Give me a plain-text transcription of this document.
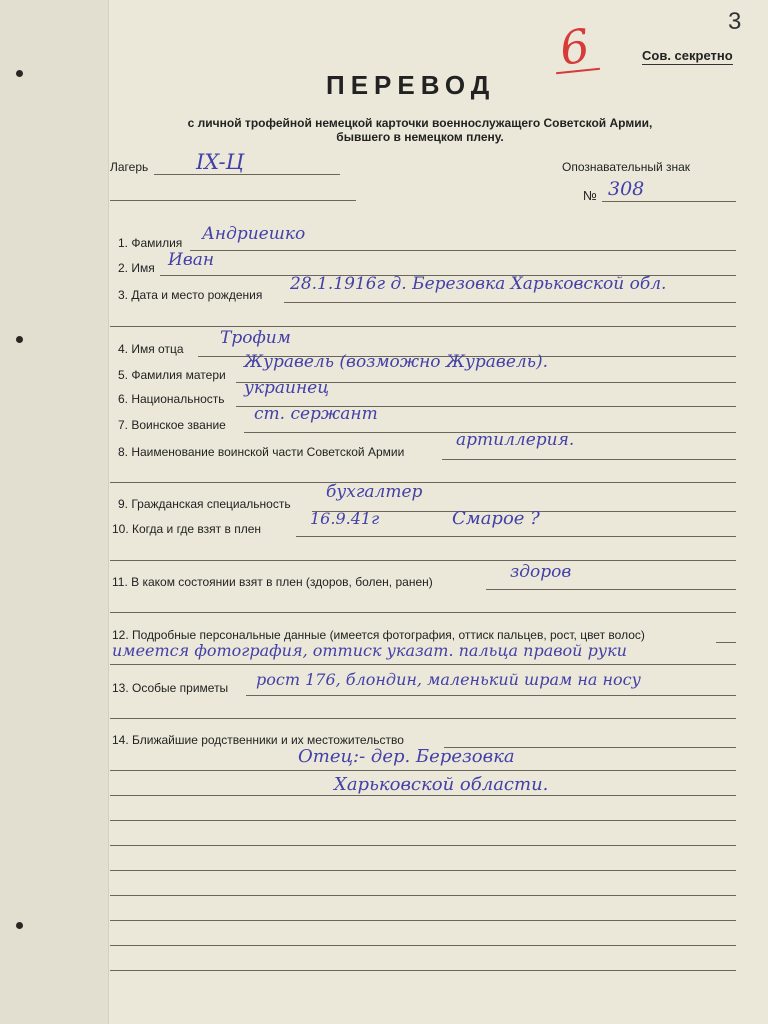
3
6	Сов. секретно
ПЕРЕВОД
с личной трофейной немецкой карточки военнослужащего Советской Армии,
бывшего в немецком плену.
Лагерь IX-Ц	Опознавательный знак
№ 308
1. Фамилия Андриешко
2. Имя Иван
3. Дата и место рождения
28.1.1916г д. Березовка Харьковской обл.
4. Имя отца
Трофим
5. Фамилия матери
Журавель (возможно Журавель).
6. Национальность
украинец
7. Воинское звание
ст. сержант
8. Наименование воинской части Советской Армии
артиллерия.
9. Гражданская специальность
бухгалтер
10. Когда и где взят в плен
16.9.41г	Смарое ?
11. В каком состоянии взят в плен (здоров, болен, ранен)	здоров
12. Подробные персональные данные (имеется фотография, оттиск пальцев, рост, цвет волос)
имеется фотография, оттиск указат. пальца правой руки
13. Особые приметы рост 176, блондин, маленький шрам на носу
14. Ближайшие родственники и их местожительство
Отец:- дер. Березовка
Харьковской области.
